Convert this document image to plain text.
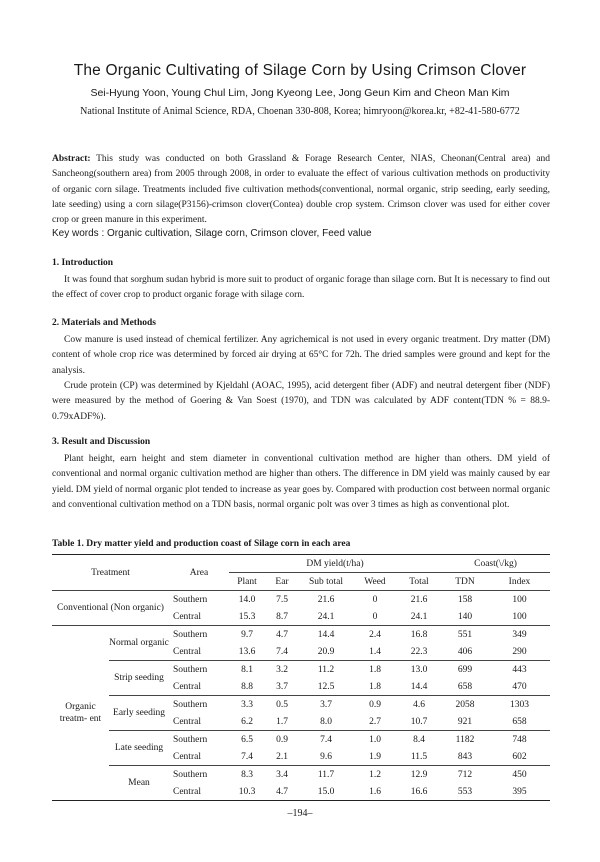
The Organic Cultivating of Silage Corn by Using Crimson Clover
Sei-Hyung Yoon, Young Chul Lim, Jong Kyeong Lee, Jong Geun Kim and Cheon Man Kim
National Institute of Animal Science, RDA, Choenan 330-808, Korea; himryoon@korea.kr, +82-41-580-6772
Abstract: This study was conducted on both Grassland & Forage Research Center, NIAS, Cheonan(Central area) and Sancheong(southern area) from 2005 through 2008, in order to evaluate the effect of various cultivation methods on productivity of organic corn silage. Treatments included five cultivation methods(conventional, normal organic, strip seeding, early seeding, late seeding) using a corn silage(P3156)-crimson clover(Contea) double crop system. Crimson clover was used for either cover crop or green manure in this experiment.
Key words : Organic cultivation, Silage corn, Crimson clover, Feed value
1. Introduction
It was found that sorghum sudan hybrid is more suit to product of organic forage than silage corn. But It is necessary to find out the effect of cover crop to product organic forage with silage corn.
2. Materials and Methods
Cow manure is used instead of chemical fertilizer. Any agrichemical is not used in every organic treatment. Dry matter (DM) content of whole crop rice was determined by forced air drying at 65°C for 72h. The dried samples were ground and kept for the analysis.
Crude protein (CP) was determined by Kjeldahl (AOAC, 1995), acid detergent fiber (ADF) and neutral detergent fiber (NDF) were measured by the method of Goering & Van Soest (1970), and TDN was calculated by ADF content(TDN % = 88.9-0.79xADF%).
3. Result and Discussion
Plant height, earn height and stem diameter in conventional cultivation method are higher than others. DM yield of conventional and normal organic cultivation method are higher than others. The difference in DM yield was mainly caused by ear yield. DM yield of normal organic plot tended to increase as year goes by. Compared with production cost between normal organic and conventional cultivation method on a TDN basis, normal organic polt was over 3 times as high as conventional plot.
Table 1. Dry matter yield and production coast of Silage corn in each area
Treatment		Area	DM yield(t/ha)					Coast(\/kg)	
			Plant	Ear	Sub total	Weed	Total	TDN	Index
Conventional (Non organic)		Southern	14.0	7.5	21.6	0	21.6	158	100
		Central	15.3	8.7	24.1	0	24.1	140	100
Organic treatm- ent	Normal organic	Southern	9.7	4.7	14.4	2.4	16.8	551	349
		Central	13.6	7.4	20.9	1.4	22.3	406	290
	Strip seeding	Southern	8.1	3.2	11.2	1.8	13.0	699	443
		Central	8.8	3.7	12.5	1.8	14.4	658	470
	Early seeding	Southern	3.3	0.5	3.7	0.9	4.6	2058	1303
		Central	6.2	1.7	8.0	2.7	10.7	921	658
	Late seeding	Southern	6.5	0.9	7.4	1.0	8.4	1182	748
		Central	7.4	2.1	9.6	1.9	11.5	843	602
	Mean	Southern	8.3	3.4	11.7	1.2	12.9	712	450
		Central	10.3	4.7	15.0	1.6	16.6	553	395
–194–
